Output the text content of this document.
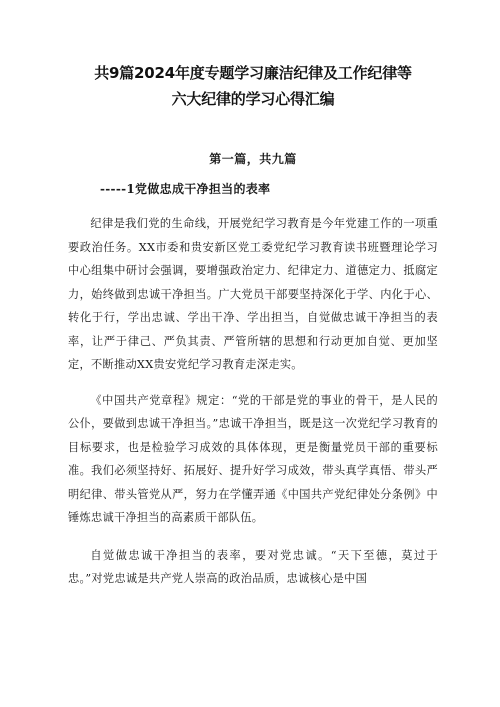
共9篇2024年度专题学习廉洁纪律及工作纪律等
六大纪律的学习心得汇编
第一篇，共九篇
-----1党做忠成干净担当的表率

纪律是我们党的生命线，开展党纪学习教育是今年党建工作的一项重要政治任务。XX市委和贵安新区党工委党纪学习教育读书班暨理论学习中心组集中研讨会强调，要增强政治定力、纪律定力、道德定力、抵腐定力，始终做到忠诚干净担当。广大党员干部要坚持深化于学、内化于心、转化于行，学出忠诚、学出干净、学出担当，自觉做忠诚干净担当的表率，让严于律己、严负其责、严管所辖的思想和行动更加自觉、更加坚定，不断推动XX贵安党纪学习教育走深走实。

《中国共产党章程》规定：“党的干部是党的事业的骨干，是人民的公仆，要做到忠诚干净担当。”忠诚干净担当，既是这一次党纪学习教育的目标要求，也是检验学习成效的具体体现，更是衡量党员干部的重要标准。我们必须坚持好、拓展好、提升好学习成效，带头真学真悟、带头严明纪律、带头管党从严，努力在学懂弄通《中国共产党纪律处分条例》中锤炼忠诚干净担当的高素质干部队伍。

自觉做忠诚干净担当的表率，要对党忠诚。“天下至德，莫过于忠。”对党忠诚是共产党人崇高的政治品质，忠诚核心是中国
